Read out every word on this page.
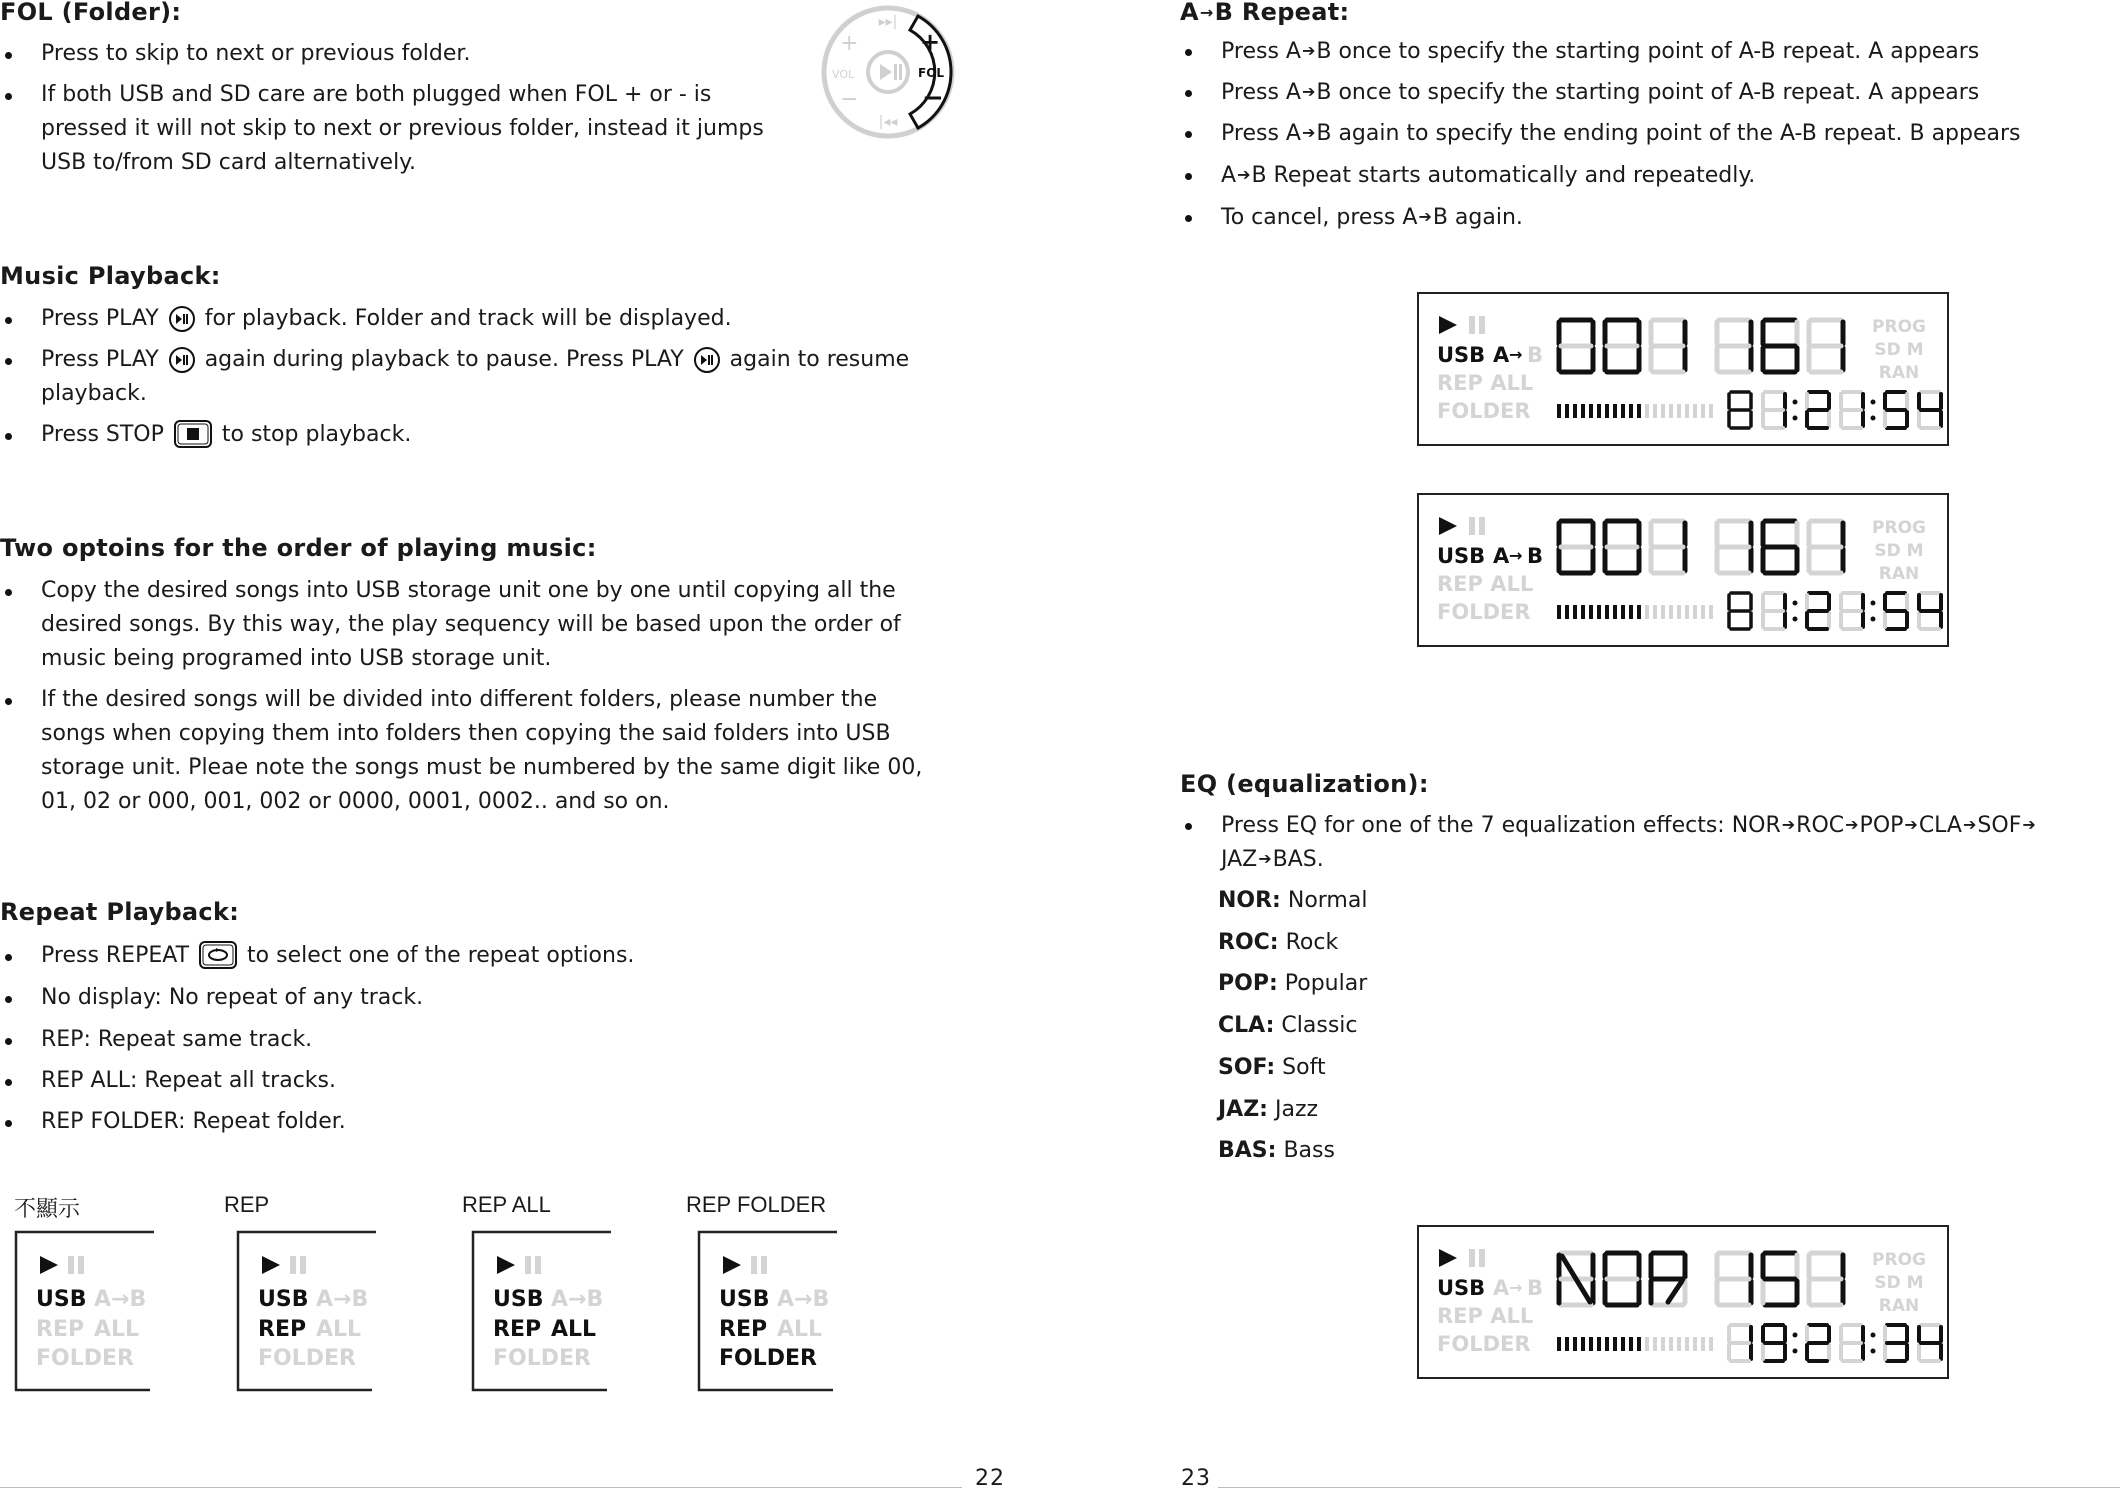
FOL (Folder):
Press to skip to next or previous folder.
If both USB and SD care are both plugged when FOL + or - is
pressed it will not skip to next or previous folder, instead it jumps
USB to/from SD card alternatively.
▸▸|
|◂◂
+
−
VOL
+
−
FOL
Music Playback:
Press PLAY for playback. Folder and track will be displayed.
Press PLAY again during playback to pause. Press PLAY again to resume
playback.
Press STOP	to stop playback.
Two optoins for the order of playing music:
Copy the desired songs into USB storage unit one by one until copying all the
desired songs. By this way, the play sequency will be based upon the order of
music being programed into USB storage unit.
If the desired songs will be divided into different folders, please number the
songs when copying them into folders then copying the said folders into USB
storage unit. Pleae note the songs must be numbered by the same digit like 00,
01, 02 or 000, 001, 002 or 0000, 0001, 0002.. and so on.
Repeat Playback:
Press REPEAT	to select one of the repeat options.
No display: No repeat of any track.
REP: Repeat same track.
REP ALL: Repeat all tracks.
REP FOLDER: Repeat folder.
不顯示	REP	REP ALL	REP FOLDER
USB A→B
REP ALL
FOLDER
USB A→B
REP ALL
FOLDER
USB A→B
REP ALL
FOLDER
USB A→B
REP ALL
FOLDER
22
A→B Repeat:
Press A➔B once to specify the starting point of A-B repeat. A appears
Press A➔B once to specify the starting point of A-B repeat. A appears
Press A➔B again to specify the ending point of the A-B repeat. B appears
A➔B Repeat starts automatically and repeatedly.
To cancel, press A➔B again.
USB A → B
REP ALL
FOLDER
PROG
SD M
RAN
USB A → B
REP ALL
FOLDER
PROG
SD M
RAN
EQ (equalization):
Press EQ for one of the 7 equalization effects: NOR➔ROC➔POP➔CLA➔SOF➔
JAZ➔BAS.
NOR: Normal
ROC: Rock
POP: Popular
CLA: Classic
SOF: Soft
JAZ: Jazz
BAS: Bass
USB A → B
REP ALL
FOLDER
PROG
SD M
RAN
23
